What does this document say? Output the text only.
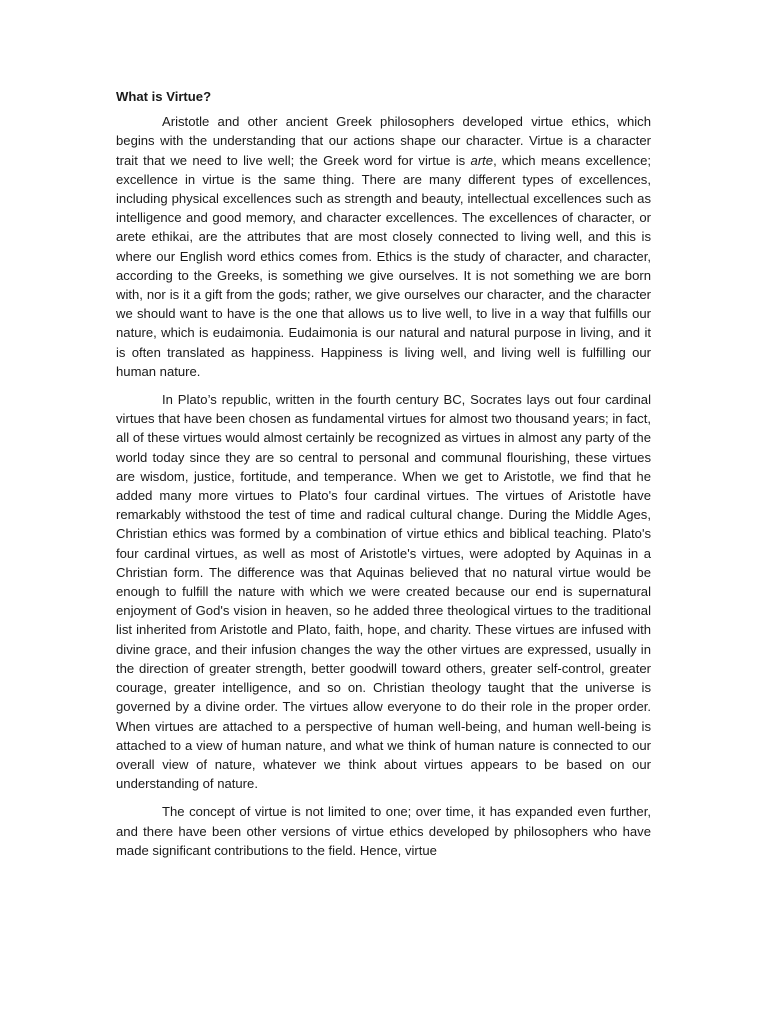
What is Virtue?

Aristotle and other ancient Greek philosophers developed virtue ethics, which begins with the understanding that our actions shape our character. Virtue is a character trait that we need to live well; the Greek word for virtue is arte, which means excellence; excellence in virtue is the same thing. There are many different types of excellences, including physical excellences such as strength and beauty, intellectual excellences such as intelligence and good memory, and character excellences. The excellences of character, or arete ethikai, are the attributes that are most closely connected to living well, and this is where our English word ethics comes from. Ethics is the study of character, and character, according to the Greeks, is something we give ourselves. It is not something we are born with, nor is it a gift from the gods; rather, we give ourselves our character, and the character we should want to have is the one that allows us to live well, to live in a way that fulfills our nature, which is eudaimonia. Eudaimonia is our natural and natural purpose in living, and it is often translated as happiness. Happiness is living well, and living well is fulfilling our human nature.

In Plato’s republic, written in the fourth century BC, Socrates lays out four cardinal virtues that have been chosen as fundamental virtues for almost two thousand years; in fact, all of these virtues would almost certainly be recognized as virtues in almost any party of the world today since they are so central to personal and communal flourishing, these virtues are wisdom, justice, fortitude, and temperance. When we get to Aristotle, we find that he added many more virtues to Plato's four cardinal virtues. The virtues of Aristotle have remarkably withstood the test of time and radical cultural change. During the Middle Ages, Christian ethics was formed by a combination of virtue ethics and biblical teaching. Plato's four cardinal virtues, as well as most of Aristotle's virtues, were adopted by Aquinas in a Christian form. The difference was that Aquinas believed that no natural virtue would be enough to fulfill the nature with which we were created because our end is supernatural enjoyment of God's vision in heaven, so he added three theological virtues to the traditional list inherited from Aristotle and Plato, faith, hope, and charity. These virtues are infused with divine grace, and their infusion changes the way the other virtues are expressed, usually in the direction of greater strength, better goodwill toward others, greater self-control, greater courage, greater intelligence, and so on. Christian theology taught that the universe is governed by a divine order. The virtues allow everyone to do their role in the proper order. When virtues are attached to a perspective of human well-being, and human well-being is attached to a view of human nature, and what we think of human nature is connected to our overall view of nature, whatever we think about virtues appears to be based on our understanding of nature.

The concept of virtue is not limited to one; over time, it has expanded even further, and there have been other versions of virtue ethics developed by philosophers who have made significant contributions to the field. Hence, virtue
